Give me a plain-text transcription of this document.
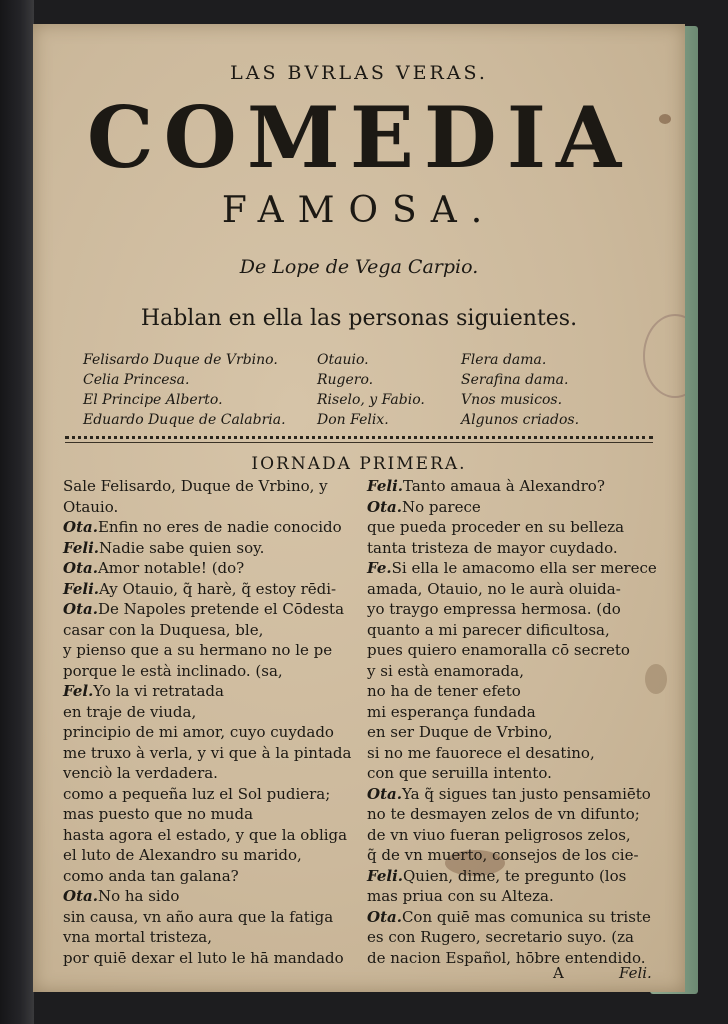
LAS BVRLAS VERAS.
COMEDIA
FAMOSA.
De Lope de Vega Carpio.
Hablan en ella las personas siguientes.
Felisardo Duque de Vrbino.
Celia Princesa.
El Principe Alberto.
Eduardo Duque de Calabria.
Otauio.
Rugero.
Riselo, y Fabio.
Don Felix.
Flera dama.
Serafina dama.
Vnos musicos.
Algunos criados.
IORNADA PRIMERA.
Sale Felisardo, Duque de Vrbino, y
Otauio.
Ota.Enfin no eres de nadie conocido
Feli.Nadie sabe quien soy.
Ota.Amor notable! (do?
Feli.Ay Otauio, q̃ harè, q̃ estoy rēdi-
Ota.De Napoles pretende el Cōdesta
casar con la Duquesa, ble,
y pienso que a su hermano no le pe
porque le està inclinado. (sa,
Fel.Yo la vi retratada
en traje de viuda,
principio de mi amor, cuyo cuydado
me truxo à verla, y vi que à la pintada
venciò la verdadera.
como a pequeña luz el Sol pudiera;
mas puesto que no muda
hasta agora el estado, y que la obliga
el luto de Alexandro su marido,
como anda tan galana?
Ota.No ha sido
sin causa, vn año aura que la fatiga
vna mortal tristeza,
por quiē dexar el luto le hā mandado
Feli.Tanto amaua à Alexandro?
Ota.No parece
que pueda proceder en su belleza
tanta tristeza de mayor cuydado.
Fe.Si ella le amacomo ella ser merece
amada, Otauio, no le aurà oluida-
yo traygo empressa hermosa. (do
quanto a mi parecer dificultosa,
pues quiero enamoralla cō secreto
y si està enamorada,
no ha de tener efeto
mi esperança fundada
en ser Duque de Vrbino,
si no me fauorece el desatino,
con que seruilla intento.
Ota.Ya q̃ sigues tan justo pensamiēto
no te desmayen zelos de vn difunto;
de vn viuo fueran peligrosos zelos,
q̃ de vn muerto, consejos de los cie-
Feli.Quien, dime, te pregunto (los
mas priua con su Alteza.
Ota.Con quiē mas comunica su triste
es con Rugero, secretario suyo. (za
de nacion Español, hōbre entendido.
A	Feli.
